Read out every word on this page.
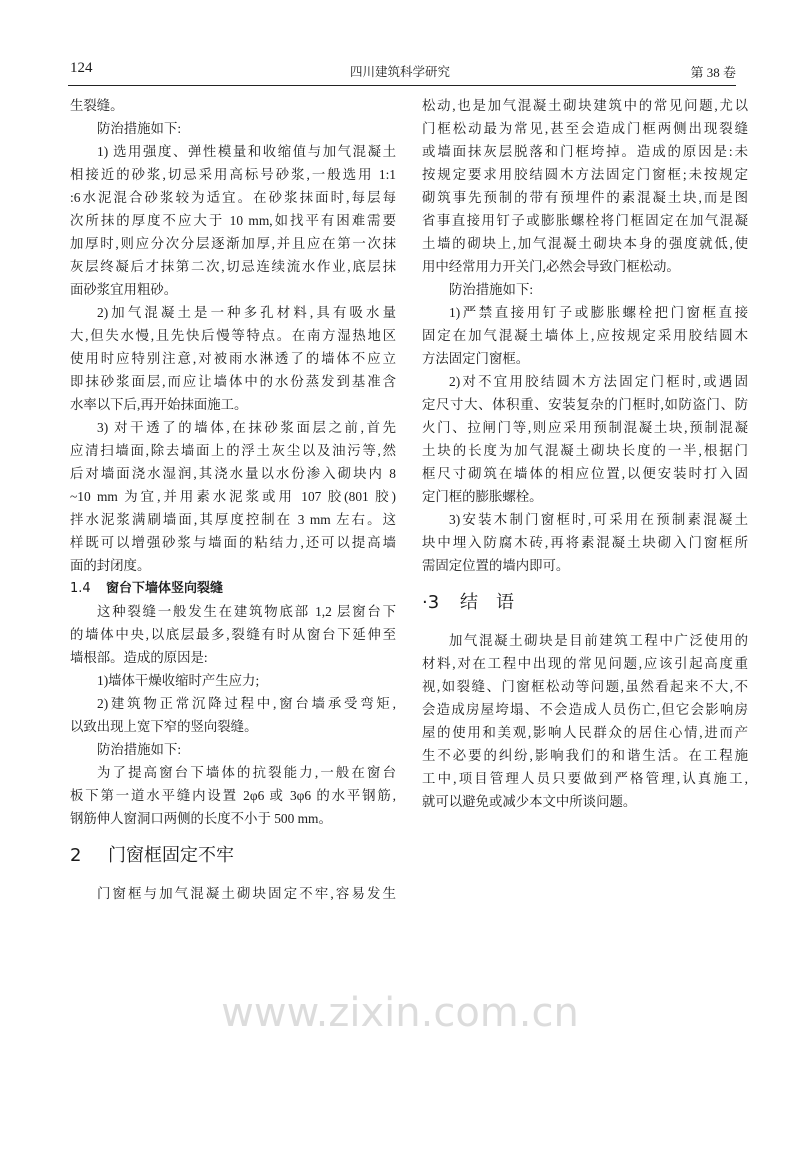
124	四川建筑科学研究	第 38 卷
www.zixin.com.cn
生裂缝。
防治措施如下:
1) 选用强度、弹性模量和收缩值与加气混凝土
相接近的砂浆,切忌采用高标号砂浆,一般选用 1:1
:6水泥混合砂浆较为适宜。在砂浆抹面时,每层每
次所抹的厚度不应大于 10 mm,如找平有困难需要
加厚时,则应分次分层逐渐加厚,并且应在第一次抹
灰层终凝后才抹第二次,切忌连续流水作业,底层抹
面砂浆宜用粗砂。
2)加气混凝土是一种多孔材料,具有吸水量
大,但失水慢,且先快后慢等特点。在南方湿热地区
使用时应特别注意,对被雨水淋透了的墙体不应立
即抹砂浆面层,而应让墙体中的水份蒸发到基准含
水率以下后,再开始抹面施工。
3) 对干透了的墙体,在抹砂浆面层之前,首先
应清扫墙面,除去墙面上的浮土灰尘以及油污等,然
后对墙面浇水湿润,其浇水量以水份渗入砌块内 8
~10 mm 为宜,并用素水泥浆或用 107 胶(801 胶)
拌水泥浆满刷墙面,其厚度控制在 3 mm 左右。这
样既可以增强砂浆与墙面的粘结力,还可以提高墙
面的封闭度。
1.4 窗台下墙体竖向裂缝
这种裂缝一般发生在建筑物底部 1,2 层窗台下
的墙体中央,以底层最多,裂缝有时从窗台下延伸至
墙根部。造成的原因是:
1)墙体干燥收缩时产生应力;
2)建筑物正常沉降过程中,窗台墙承受弯矩,
以致出现上宽下窄的竖向裂缝。
防治措施如下:
为了提高窗台下墙体的抗裂能力,一般在窗台
板下第一道水平缝内设置 2φ6 或 3φ6 的水平钢筋,
钢筋伸人窗洞口两侧的长度不小于 500 mm。
2 门窗框固定不牢
门窗框与加气混凝土砌块固定不牢,容易发生
松动,也是加气混凝土砌块建筑中的常见问题,尤以
门框松动最为常见,甚至会造成门框两侧出现裂缝
或墙面抹灰层脱落和门框垮掉。造成的原因是:未
按规定要求用胶结圆木方法固定门窗框;未按规定
砌筑事先预制的带有预埋件的素混凝土块,而是图
省事直接用钉子或膨胀螺栓将门框固定在加气混凝
土墙的砌块上,加气混凝土砌块本身的强度就低,使
用中经常用力开关门,必然会导致门框松动。
防治措施如下:
1)严禁直接用钉子或膨胀螺栓把门窗框直接
固定在加气混凝土墙体上,应按规定采用胶结圆木
方法固定门窗框。
2)对不宜用胶结圆木方法固定门框时,或遇固
定尺寸大、体积重、安装复杂的门框时,如防盗门、防
火门、拉闸门等,则应采用预制混凝土块,预制混凝
土块的长度为加气混凝土砌块长度的一半,根据门
框尺寸砌筑在墙体的相应位置,以便安装时打入固
定门框的膨胀螺栓。
3)安装木制门窗框时,可采用在预制素混凝土
块中埋入防腐木砖,再将素混凝土块砌入门窗框所
需固定位置的墙内即可。
·3 结　语
加气混凝土砌块是目前建筑工程中广泛使用的
材料,对在工程中出现的常见问题,应该引起高度重
视,如裂缝、门窗框松动等问题,虽然看起来不大,不
会造成房屋垮塌、不会造成人员伤亡,但它会影响房
屋的使用和美观,影响人民群众的居住心情,进而产
生不必要的纠纷,影响我们的和谐生活。在工程施
工中,项目管理人员只要做到严格管理,认真施工,
就可以避免或减少本文中所谈问题。
